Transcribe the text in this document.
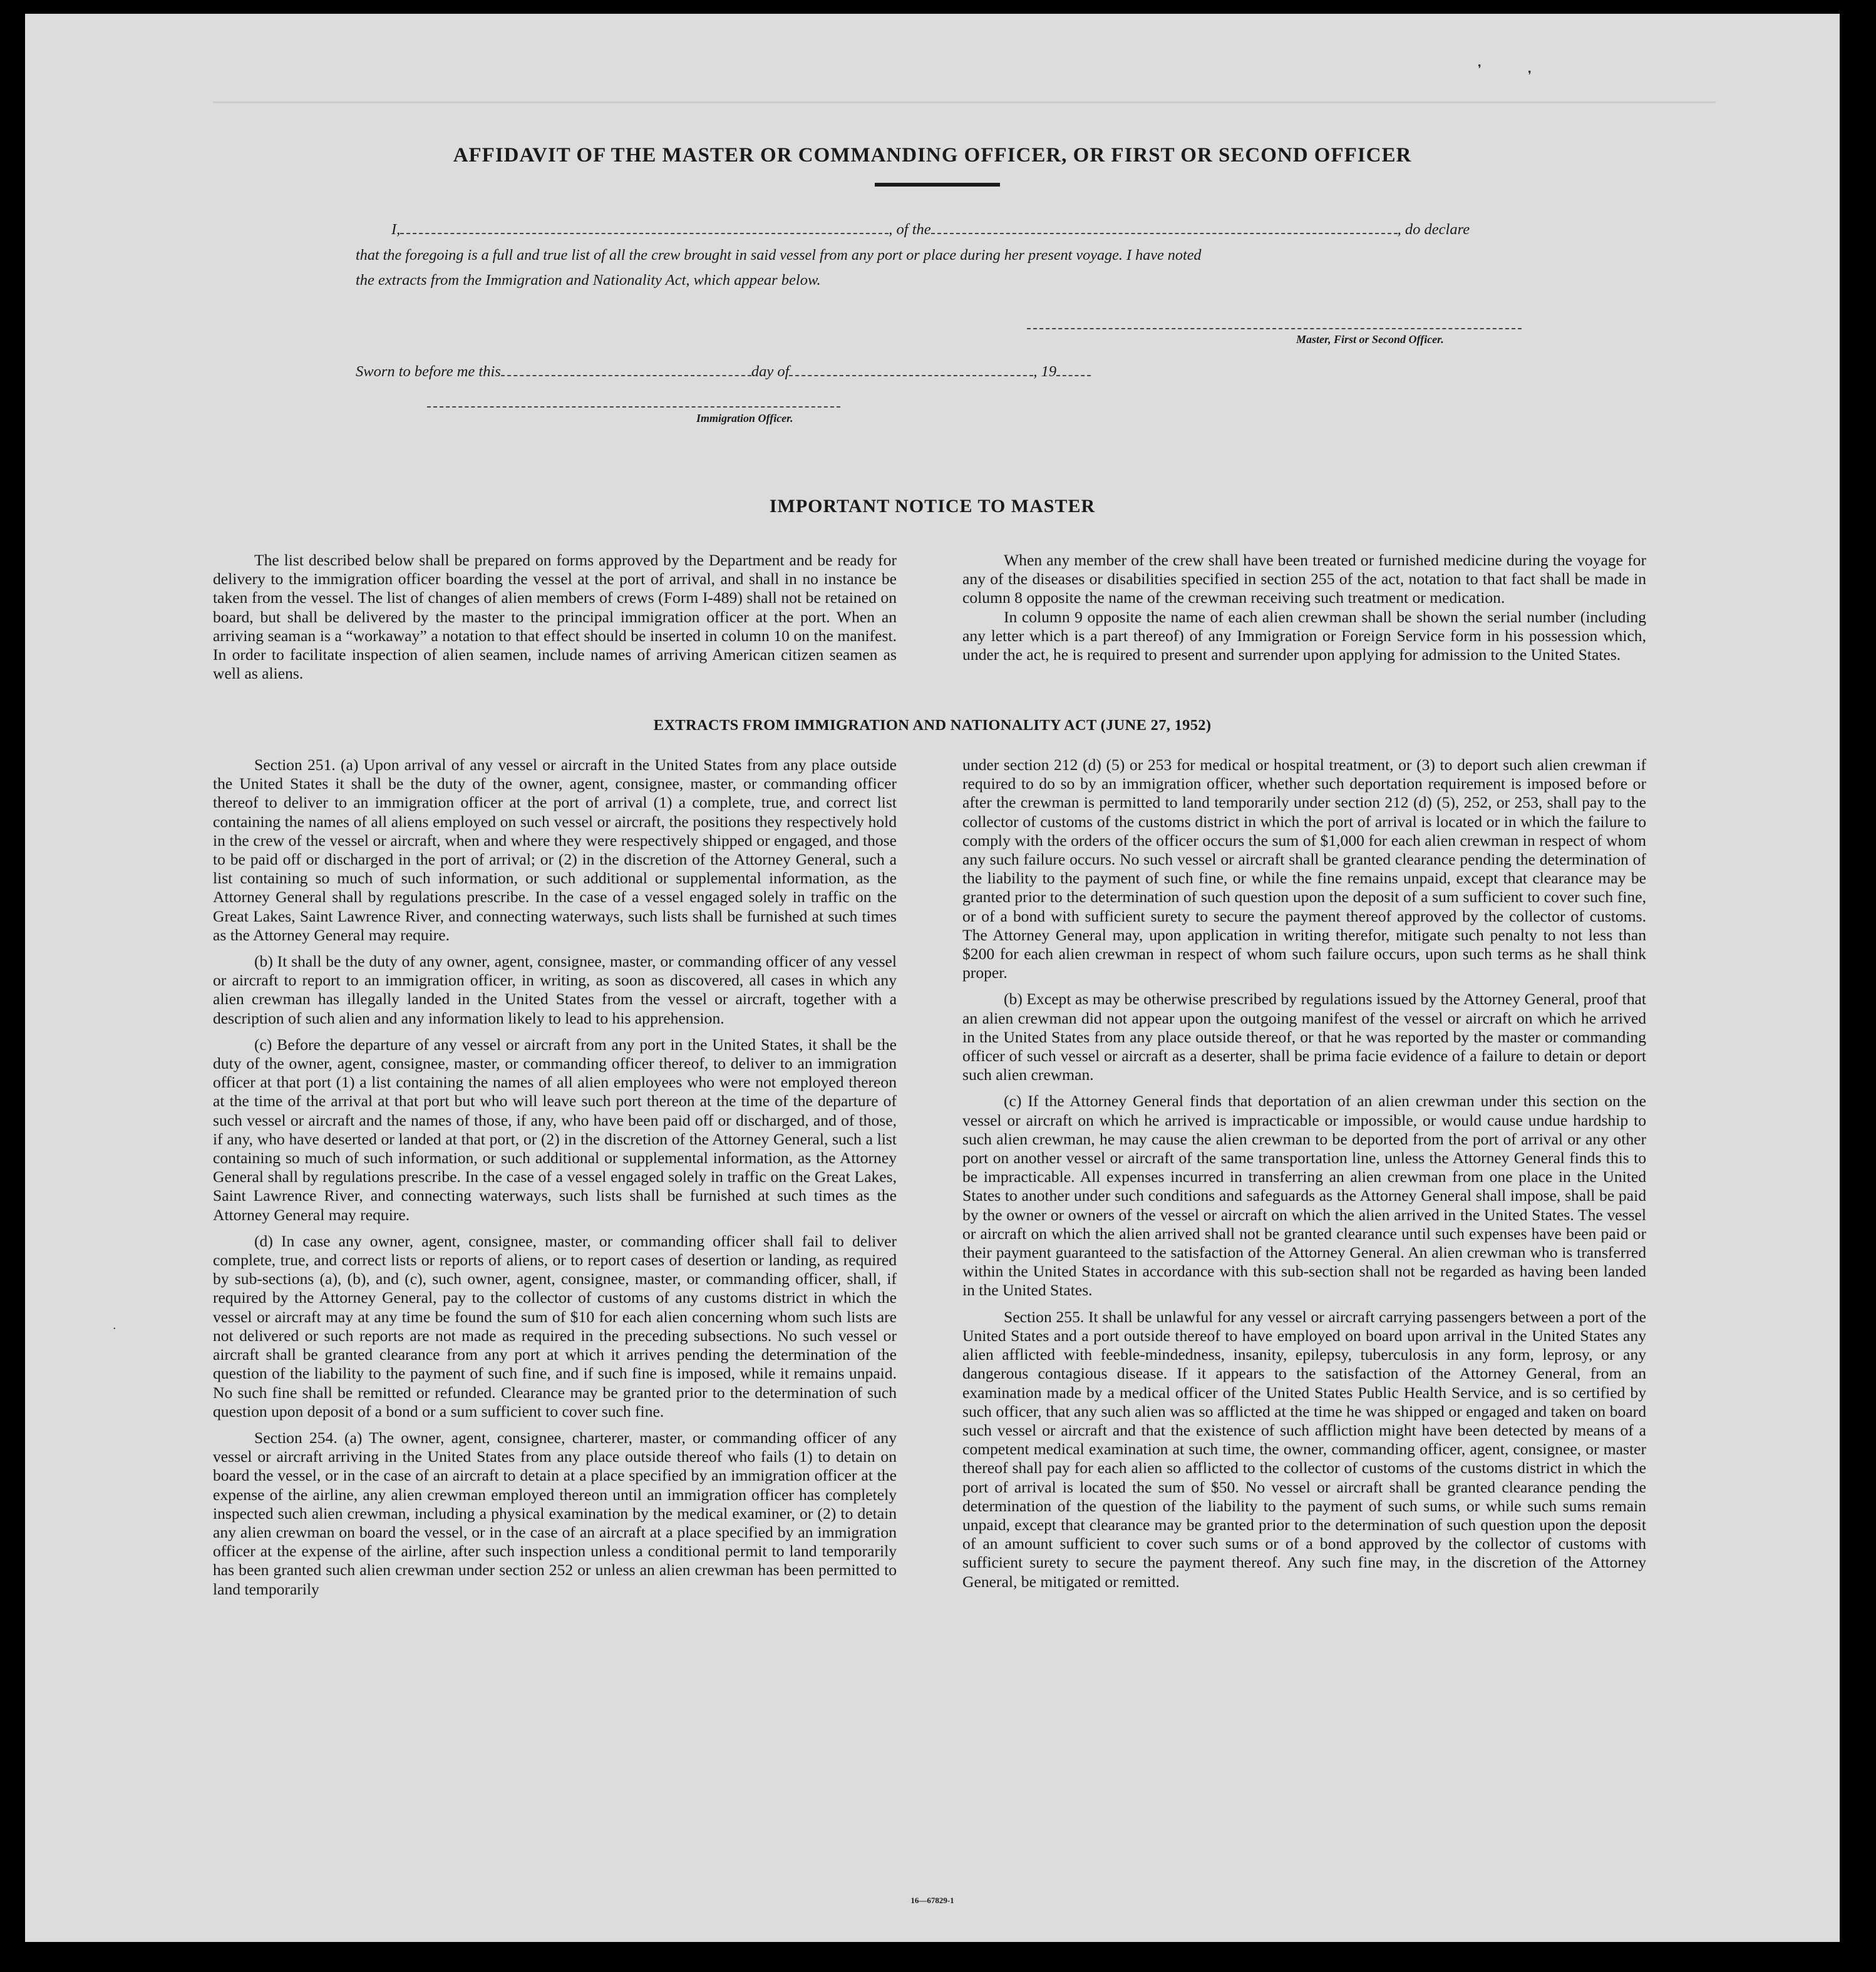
AFFIDAVIT OF THE MASTER OR COMMANDING OFFICER, OR FIRST OR SECOND OFFICER
I,	, of the	, do declare
that the foregoing is a full and true list of all the crew brought in said vessel from any port or place during her present voyage. I have noted
the extracts from the Immigration and Nationality Act, which appear below.
Master, First or Second Officer.
Sworn to before me this	day of	, 19
Immigration Officer.
IMPORTANT NOTICE TO MASTER

The list described below shall be prepared on forms approved by the Department and be ready for delivery to the immigration officer boarding the vessel at the port of arrival, and shall in no instance be taken from the vessel. The list of changes of alien members of crews (Form I-489) shall not be retained on board, but shall be delivered by the master to the principal immigration officer at the port. When an arriving seaman is a “workaway” a notation to that effect should be inserted in column 10 on the manifest. In order to facilitate inspection of alien seamen, include names of arriving American citizen seamen as well as aliens.

When any member of the crew shall have been treated or furnished medicine during the voyage for any of the diseases or disabilities specified in section 255 of the act, notation to that fact shall be made in column 8 opposite the name of the crewman receiving such treatment or medication.

In column 9 opposite the name of each alien crewman shall be shown the serial number (including any letter which is a part thereof) of any Immigration or Foreign Service form in his possession which, under the act, he is required to present and surrender upon applying for admission to the United States.

EXTRACTS FROM IMMIGRATION AND NATIONALITY ACT (JUNE 27, 1952)

Section 251. (a) Upon arrival of any vessel or aircraft in the United States from any place outside the United States it shall be the duty of the owner, agent, consignee, master, or commanding officer thereof to deliver to an immigration officer at the port of arrival (1) a complete, true, and correct list containing the names of all aliens employed on such vessel or aircraft, the positions they respectively hold in the crew of the vessel or aircraft, when and where they were respectively shipped or engaged, and those to be paid off or discharged in the port of arrival; or (2) in the discretion of the Attorney General, such a list containing so much of such information, or such additional or supplemental information, as the Attorney General shall by regulations prescribe. In the case of a vessel engaged solely in traffic on the Great Lakes, Saint Lawrence River, and connecting waterways, such lists shall be furnished at such times as the Attorney General may require.

(b) It shall be the duty of any owner, agent, consignee, master, or commanding officer of any vessel or aircraft to report to an immigration officer, in writing, as soon as discovered, all cases in which any alien crewman has illegally landed in the United States from the vessel or aircraft, together with a description of such alien and any information likely to lead to his apprehension.

(c) Before the departure of any vessel or aircraft from any port in the United States, it shall be the duty of the owner, agent, consignee, master, or commanding officer thereof, to deliver to an immigration officer at that port (1) a list containing the names of all alien employees who were not employed thereon at the time of the arrival at that port but who will leave such port thereon at the time of the departure of such vessel or aircraft and the names of those, if any, who have been paid off or discharged, and of those, if any, who have deserted or landed at that port, or (2) in the discretion of the Attorney General, such a list containing so much of such information, or such additional or supplemental information, as the Attorney General shall by regulations prescribe. In the case of a vessel engaged solely in traffic on the Great Lakes, Saint Lawrence River, and connecting waterways, such lists shall be furnished at such times as the Attorney General may require.

(d) In case any owner, agent, consignee, master, or commanding officer shall fail to deliver complete, true, and correct lists or reports of aliens, or to report cases of desertion or landing, as required by sub-sections (a), (b), and (c), such owner, agent, consignee, master, or commanding officer, shall, if required by the Attorney General, pay to the collector of customs of any customs district in which the vessel or aircraft may at any time be found the sum of $10 for each alien concerning whom such lists are not delivered or such reports are not made as required in the preceding subsections. No such vessel or aircraft shall be granted clearance from any port at which it arrives pending the determination of the question of the liability to the payment of such fine, and if such fine is imposed, while it remains unpaid. No such fine shall be remitted or refunded. Clearance may be granted prior to the determination of such question upon deposit of a bond or a sum sufficient to cover such fine.

Section 254. (a) The owner, agent, consignee, charterer, master, or commanding officer of any vessel or aircraft arriving in the United States from any place outside thereof who fails (1) to detain on board the vessel, or in the case of an aircraft to detain at a place specified by an immigration officer at the expense of the airline, any alien crewman employed thereon until an immigration officer has completely inspected such alien crewman, including a physical examination by the medical examiner, or (2) to detain any alien crewman on board the vessel, or in the case of an aircraft at a place specified by an immigration officer at the expense of the airline, after such inspection unless a conditional permit to land temporarily has been granted such alien crewman under section 252 or unless an alien crewman has been permitted to land temporarily

under section 212 (d) (5) or 253 for medical or hospital treatment, or (3) to deport such alien crewman if required to do so by an immigration officer, whether such deportation requirement is imposed before or after the crewman is permitted to land temporarily under section 212 (d) (5), 252, or 253, shall pay to the collector of customs of the customs district in which the port of arrival is located or in which the failure to comply with the orders of the officer occurs the sum of $1,000 for each alien crewman in respect of whom any such failure occurs. No such vessel or aircraft shall be granted clearance pending the determination of the liability to the payment of such fine, or while the fine remains unpaid, except that clearance may be granted prior to the determination of such question upon the deposit of a sum sufficient to cover such fine, or of a bond with sufficient surety to secure the payment thereof approved by the collector of customs. The Attorney General may, upon application in writing therefor, mitigate such penalty to not less than $200 for each alien crewman in respect of whom such failure occurs, upon such terms as he shall think proper.

(b) Except as may be otherwise prescribed by regulations issued by the Attorney General, proof that an alien crewman did not appear upon the outgoing manifest of the vessel or aircraft on which he arrived in the United States from any place outside thereof, or that he was reported by the master or commanding officer of such vessel or aircraft as a deserter, shall be prima facie evidence of a failure to detain or deport such alien crewman.

(c) If the Attorney General finds that deportation of an alien crewman under this section on the vessel or aircraft on which he arrived is impracticable or impossible, or would cause undue hardship to such alien crewman, he may cause the alien crewman to be deported from the port of arrival or any other port on another vessel or aircraft of the same transportation line, unless the Attorney General finds this to be impracticable. All expenses incurred in transferring an alien crewman from one place in the United States to another under such conditions and safeguards as the Attorney General shall impose, shall be paid by the owner or owners of the vessel or aircraft on which the alien arrived in the United States. The vessel or aircraft on which the alien arrived shall not be granted clearance until such expenses have been paid or their payment guaranteed to the satisfaction of the Attorney General. An alien crewman who is transferred within the United States in accordance with this sub-section shall not be regarded as having been landed in the United States.

Section 255. It shall be unlawful for any vessel or aircraft carrying passengers between a port of the United States and a port outside thereof to have employed on board upon arrival in the United States any alien afflicted with feeble-mindedness, insanity, epilepsy, tuberculosis in any form, leprosy, or any dangerous contagious disease. If it appears to the satisfaction of the Attorney General, from an examination made by a medical officer of the United States Public Health Service, and is so certified by such officer, that any such alien was so afflicted at the time he was shipped or engaged and taken on board such vessel or aircraft and that the existence of such affliction might have been detected by means of a competent medical examination at such time, the owner, commanding officer, agent, consignee, or master thereof shall pay for each alien so afflicted to the collector of customs of the customs district in which the port of arrival is located the sum of $50. No vessel or aircraft shall be granted clearance pending the determination of the question of the liability to the payment of such sums, or while such sums remain unpaid, except that clearance may be granted prior to the determination of such question upon the deposit of an amount sufficient to cover such sums or of a bond approved by the collector of customs with sufficient surety to secure the payment thereof. Any such fine may, in the discretion of the Attorney General, be mitigated or remitted.

16—67829-1
❜	❜
·
